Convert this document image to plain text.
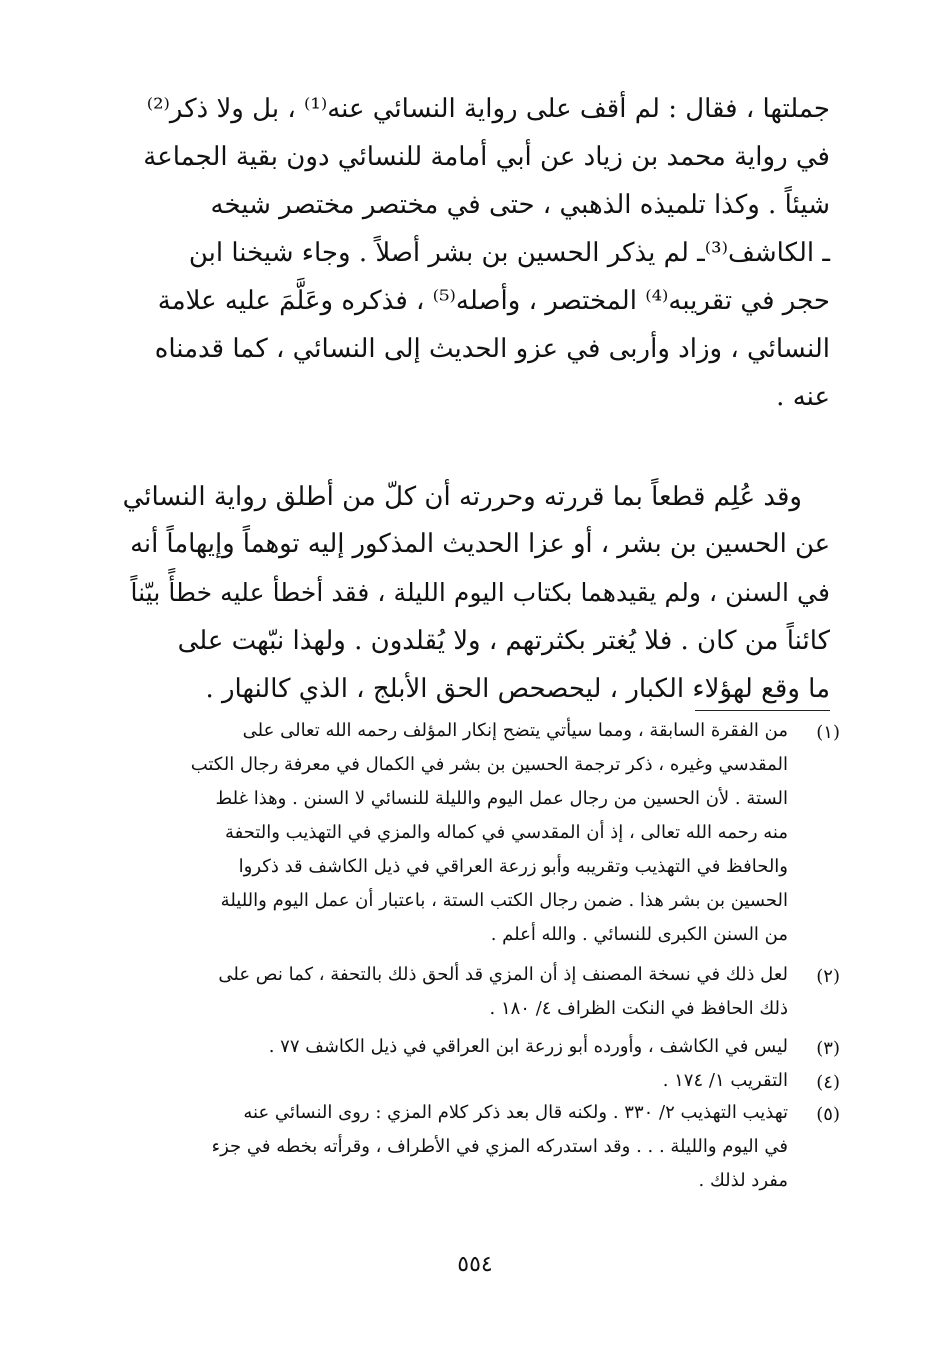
جملتها ، فقال : لم أقف على رواية النسائي عنه⁽¹⁾ ، بل ولا ذكر⁽²⁾
في رواية محمد بن زياد عن أبي أمامة للنسائي دون بقية الجماعة
شيئاً . وكذا تلميذه الذهبي ، حتى في مختصر مختصر شيخه
ـ الكاشف⁽³⁾ـ لم يذكر الحسين بن بشر أصلاً . وجاء شيخنا ابن
حجر في تقريبه⁽⁴⁾ المختصر ، وأصله⁽⁵⁾ ، فذكره وعَلَّمَ عليه علامة
النسائي ، وزاد وأربى في عزو الحديث إلى النسائي ، كما قدمناه
عنه .
وقد عُلِم قطعاً بما قررته وحررته أن كلّ من أطلق رواية النسائي
عن الحسين بن بشر ، أو عزا الحديث المذكور إليه توهماً وإيهاماً أنه
في السنن ، ولم يقيدهما بكتاب اليوم الليلة ، فقد أخطأ عليه خطأً بيّناً
كائناً من كان . فلا يُغتر بكثرتهم ، ولا يُقلدون . ولهذا نبّهت على
ما وقع لهؤلاء الكبار ، ليحصحص الحق الأبلج ، الذي كالنهار .
(١)
من الفقرة السابقة ، ومما سيأتي يتضح إنكار المؤلف رحمه الله تعالى على
المقدسي وغيره ، ذكر ترجمة الحسين بن بشر في الكمال في معرفة رجال الكتب
الستة . لأن الحسين من رجال عمل اليوم والليلة للنسائي لا السنن . وهذا غلط
منه رحمه الله تعالى ، إذ أن المقدسي في كماله والمزي في التهذيب والتحفة
والحافظ في التهذيب وتقريبه وأبو زرعة العراقي في ذيل الكاشف قد ذكروا
الحسين بن بشر هذا . ضمن رجال الكتب الستة ، باعتبار أن عمل اليوم والليلة
من السنن الكبرى للنسائي . والله أعلم .
(٢)
لعل ذلك في نسخة المصنف إذ أن المزي قد ألحق ذلك بالتحفة ، كما نص على
ذلك الحافظ في النكت الظراف ٤/ ١٨٠ .
(٣)
ليس في الكاشف ، وأورده أبو زرعة ابن العراقي في ذيل الكاشف ٧٧ .
(٤)
التقريب ١/ ١٧٤ .
(٥)
تهذيب التهذيب ٢/ ٣٣٠ . ولكنه قال بعد ذكر كلام المزي : روى النسائي عنه
في اليوم والليلة . . . وقد استدركه المزي في الأطراف ، وقرأته بخطه في جزء
مفرد لذلك .
٥٥٤
